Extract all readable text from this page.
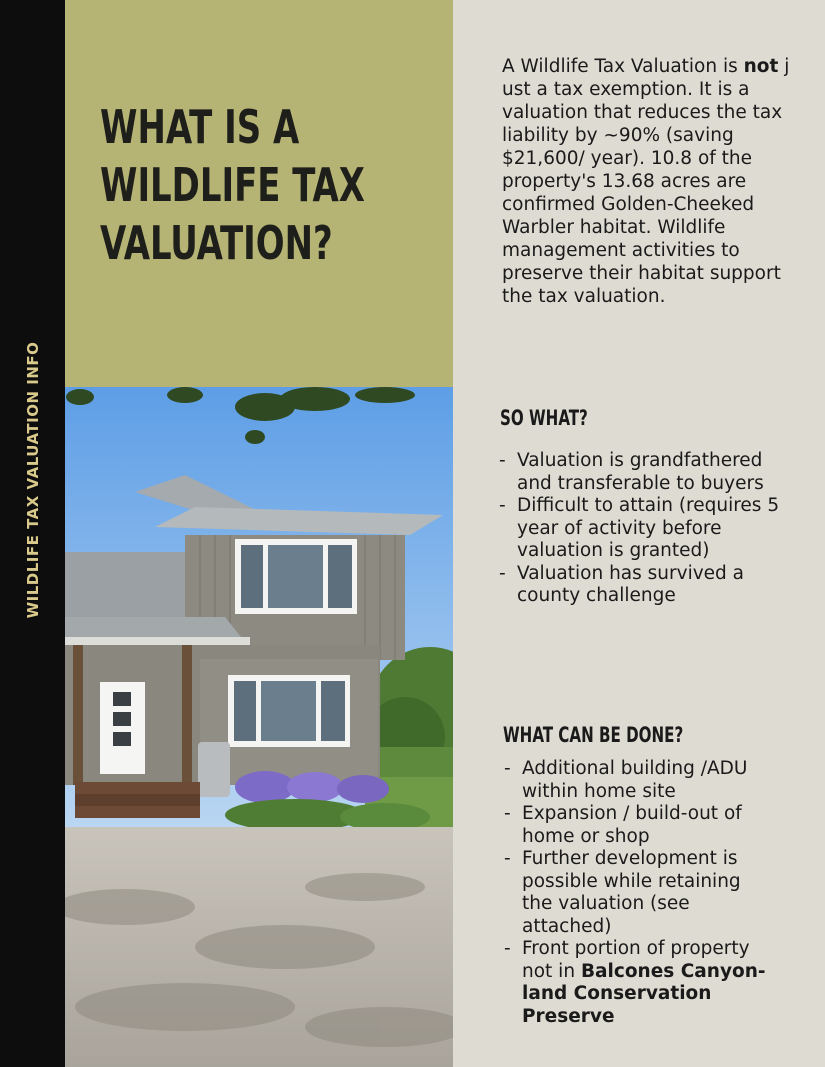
WILDLIFE TAX VALUATION INFO
WHAT IS A
WILDLIFE TAX
VALUATION?

A Wildlife Tax Valuation is not j ust a tax exemption. It is a valuation that reduces the tax liability by ~90% (saving $21,600/ year). 10.8 of the property's 13.68 acres are confirmed Golden-Cheeked Warbler habitat. Wildlife management activities to preserve their habitat support the tax valuation.

SO WHAT?
- Valuation is grandfathered and transferable to buyers
- Difficult to attain (requires 5 year of activity before valuation is granted)
- Valuation has survived a county challenge
WHAT CAN BE DONE?
- Additional building /ADU within home site
- Expansion / build-out of home or shop
- Further development is possible while retaining the valuation (see attached)
- Front portion of property not in Balcones Canyon-land Conservation Preserve
